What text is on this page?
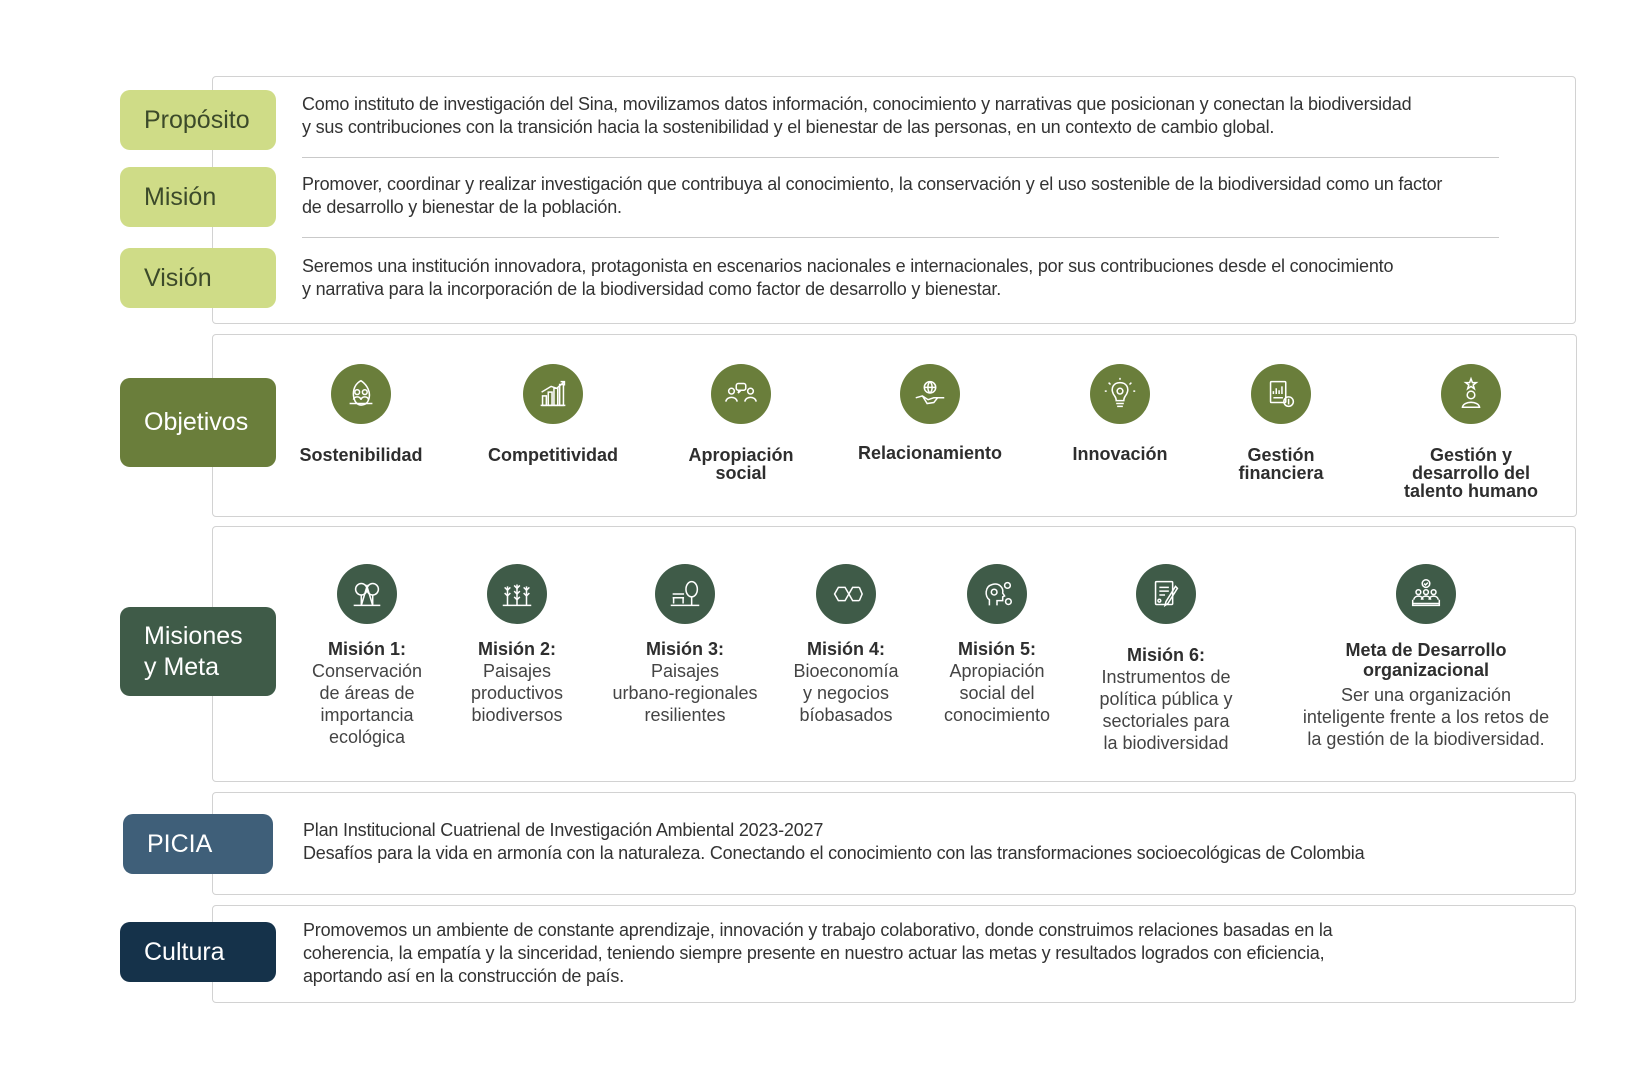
Propósito
Misión
Visión
Objetivos
Misiones
y Meta
PICIA
Cultura
Como instituto de investigación del Sina, movilizamos datos información, conocimiento y narrativas que posicionan y conectan la biodiversidad
y sus contribuciones con la transición hacia la sostenibilidad y el bienestar de las personas, en un contexto de cambio global.
Promover, coordinar y realizar investigación que contribuya al conocimiento, la conservación y el uso sostenible de la biodiversidad como un factor
de desarrollo y bienestar de la población.
Seremos una institución innovadora, protagonista en escenarios nacionales e internacionales, por sus contribuciones desde el conocimiento
y narrativa para la incorporación de la biodiversidad como factor de desarrollo y bienestar.
Sostenibilidad	Competitividad	Apropiación
social
Relacionamiento	Innovación	Gestión
financiera
Gestión y
desarrollo del
talento humano
Misión 1:
Conservación
de áreas de
importancia
ecológica
Misión 2:
Paisajes
productivos
biodiversos
Misión 3:
Paisajes
urbano-regionales
resilientes
Misión 4:
Bioeconomía
y negocios
bíobasados
Misión 5:
Apropiación
social del
conocimiento
Misión 6:
Instrumentos de
política pública y
sectoriales para
la biodiversidad
Meta de Desarrollo
organizacional
Ser una organización
inteligente frente a los retos de
la gestión de la biodiversidad.
Plan Institucional Cuatrienal de Investigación Ambiental 2023-2027
Desafíos para la vida en armonía con la naturaleza. Conectando el conocimiento con las transformaciones socioecológicas de Colombia
Promovemos un ambiente de constante aprendizaje, innovación y trabajo colaborativo, donde construimos relaciones basadas en la
coherencia, la empatía y la sinceridad, teniendo siempre presente en nuestro actuar las metas y resultados logrados con eficiencia,
aportando así en la construcción de país.
